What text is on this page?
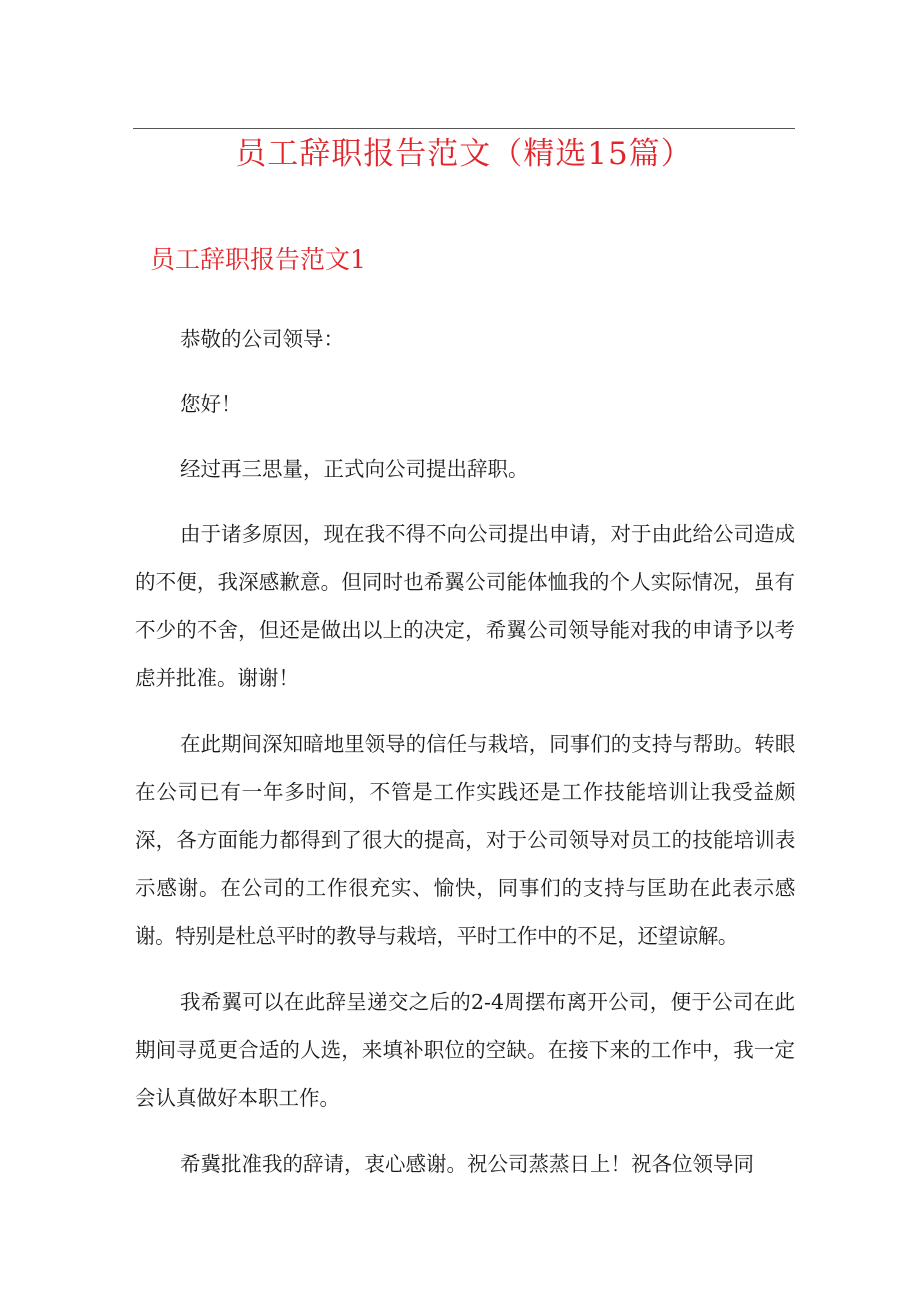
员工辞职报告范文（精选15篇）
员工辞职报告范文1

恭敬的公司领导：

您好！

经过再三思量，正式向公司提出辞职。

由于诸多原因，现在我不得不向公司提出申请，对于由此给公司造成的不便，我深感歉意。但同时也希翼公司能体恤我的个人实际情况，虽有不少的不舍，但还是做出以上的决定，希翼公司领导能对我的申请予以考虑并批准。谢谢！

在此期间深知暗地里领导的信任与栽培，同事们的支持与帮助。转眼在公司已有一年多时间，不管是工作实践还是工作技能培训让我受益颇深，各方面能力都得到了很大的提高，对于公司领导对员工的技能培训表示感谢。在公司的工作很充实、愉快，同事们的支持与匡助在此表示感谢。特别是杜总平时的教导与栽培，平时工作中的不足，还望谅解。

我希翼可以在此辞呈递交之后的2-4周摆布离开公司，便于公司在此期间寻觅更合适的人选，来填补职位的空缺。在接下来的工作中，我一定会认真做好本职工作。

希冀批准我的辞请，衷心感谢。祝公司蒸蒸日上！祝各位领导同
